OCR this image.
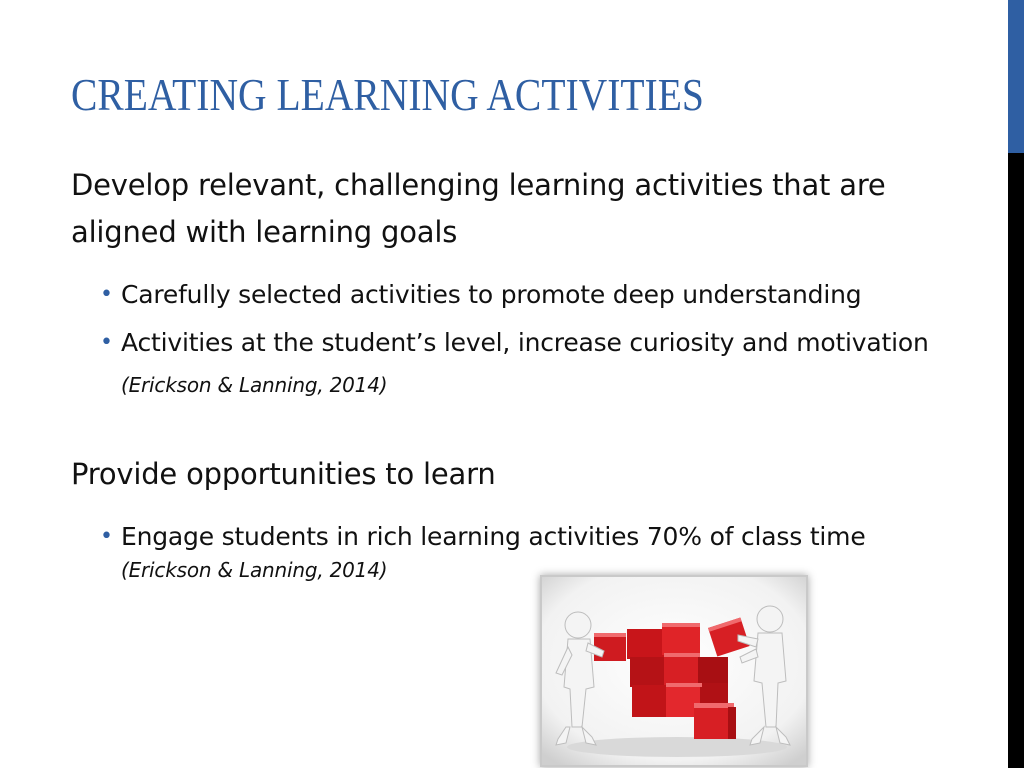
CREATING LEARNING ACTIVITIES

Develop relevant, challenging learning activities that are aligned with learning goals

• Carefully selected activities to promote deep understanding
• Activities at the student’s level, increase curiosity and motivation (Erickson & Lanning, 2014)

Provide opportunities to learn

• Engage students in rich learning activities 70% of class time
(Erickson & Lanning, 2014)
